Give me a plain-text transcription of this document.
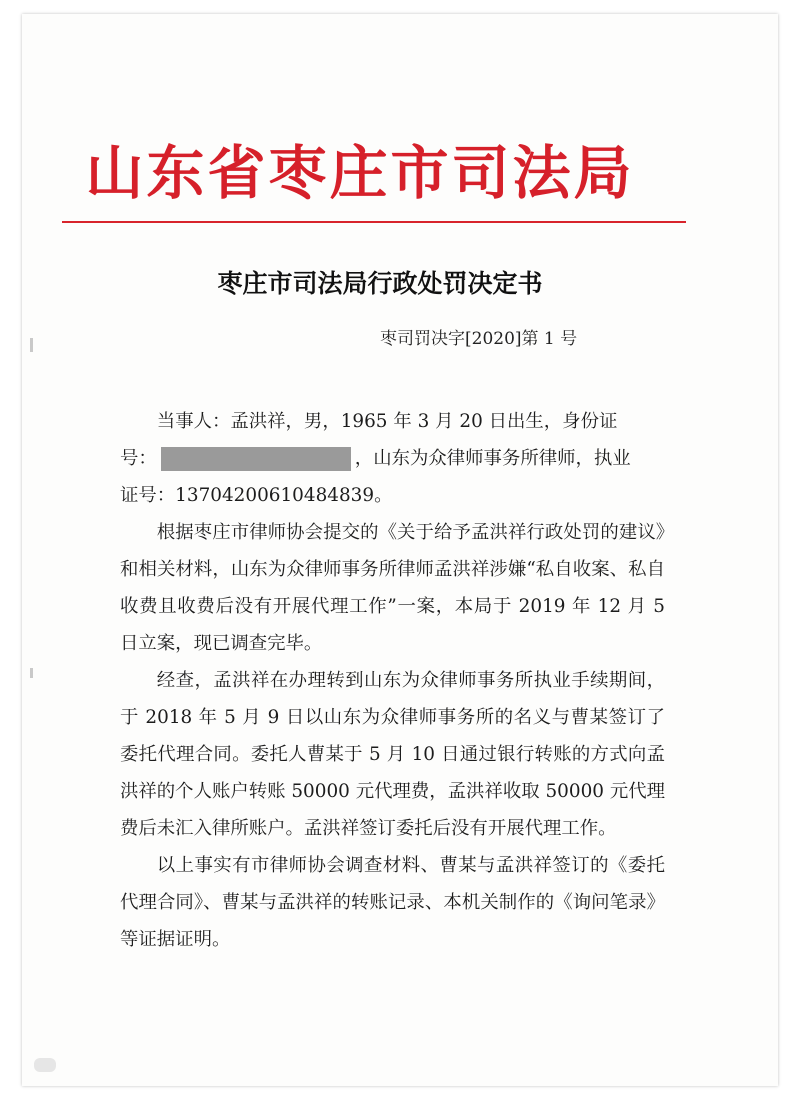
山东省枣庄市司法局
枣庄市司法局行政处罚决定书
枣司罚决字[2020]第 1 号

当事人：孟洪祥，男，1965 年 3 月 20 日出生，身份证
号：	，山东为众律师事务所律师，执业
证号：13704200610484839。

根据枣庄市律师协会提交的《关于给予孟洪祥行政处罚的建议》和相关材料，山东为众律师事务所律师孟洪祥涉嫌“私自收案、私自收费且收费后没有开展代理工作”一案，本局于 2019 年 12 月 5 日立案，现已调查完毕。

经查，孟洪祥在办理转到山东为众律师事务所执业手续期间，于 2018 年 5 月 9 日以山东为众律师事务所的名义与曹某签订了委托代理合同。委托人曹某于 5 月 10 日通过银行转账的方式向孟洪祥的个人账户转账 50000 元代理费，孟洪祥收取 50000 元代理费后未汇入律所账户。孟洪祥签订委托后没有开展代理工作。

以上事实有市律师协会调查材料、曹某与孟洪祥签订的《委托代理合同》、曹某与孟洪祥的转账记录、本机关制作的《询问笔录》等证据证明。
